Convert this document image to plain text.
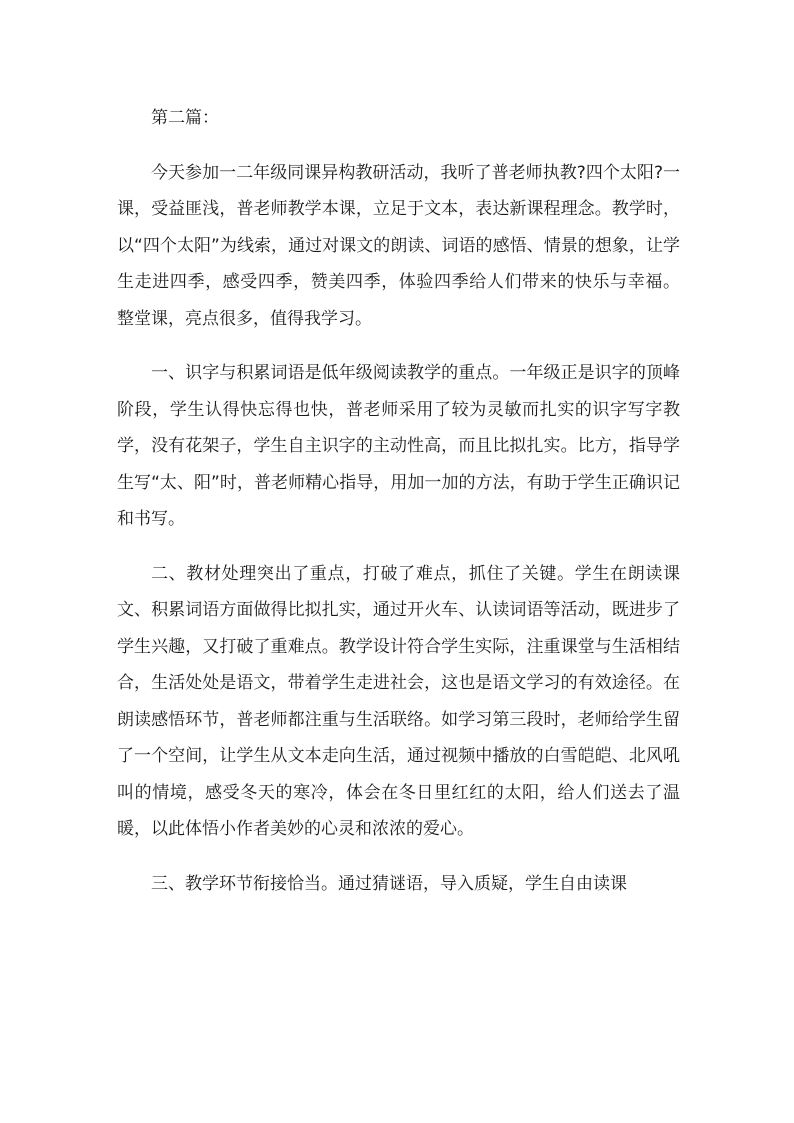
第二篇：

今天参加一二年级同课异构教研活动，我听了普老师执教?四个太阳?一课，受益匪浅，普老师教学本课，立足于文本，表达新课程理念。教学时，以“四个太阳”为线索，通过对课文的朗读、词语的感悟、情景的想象，让学生走进四季，感受四季，赞美四季，体验四季给人们带来的快乐与幸福。 整堂课，亮点很多，值得我学习。

一、识字与积累词语是低年级阅读教学的重点。一年级正是识字的顶峰阶段，学生认得快忘得也快，普老师采用了较为灵敏而扎实的识字写字教学，没有花架子，学生自主识字的主动性高，而且比拟扎实。比方，指导学生写“太、阳”时，普老师精心指导，用加一加的方法，有助于学生正确识记和书写。

二、教材处理突出了重点，打破了难点，抓住了关键。学生在朗读课文、积累词语方面做得比拟扎实，通过开火车、认读词语等活动，既进步了学生兴趣，又打破了重难点。教学设计符合学生实际，注重课堂与生活相结合，生活处处是语文，带着学生走进社会，这也是语文学习的有效途径。在朗读感悟环节，普老师都注重与生活联络。如学习第三段时，老师给学生留了一个空间，让学生从文本走向生活，通过视频中播放的白雪皑皑、北风吼叫的情境，感受冬天的寒冷，体会在冬日里红红的太阳，给人们送去了温暖，以此体悟小作者美妙的心灵和浓浓的爱心。

三、教学环节衔接恰当。通过猜谜语，导入质疑，学生自由读课
